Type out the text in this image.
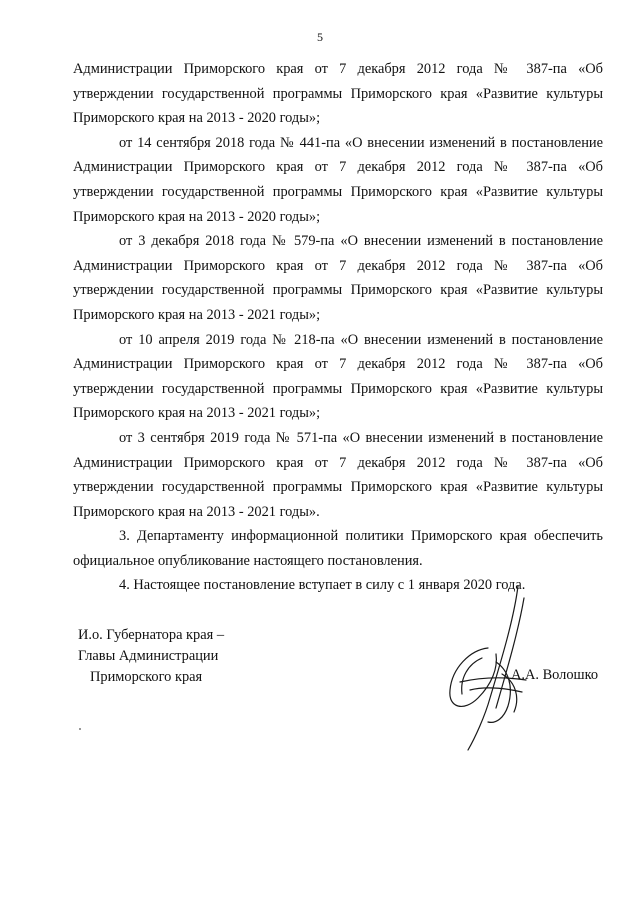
5

Администрации Приморского края от 7 декабря 2012 года № 387-па «Об утверждении государственной программы Приморского края «Развитие культуры Приморского края на 2013 - 2020 годы»;

от 14 сентября 2018 года № 441-па «О внесении изменений в постановление Администрации Приморского края от 7 декабря 2012 года № 387-па «Об утверждении государственной программы Приморского края «Развитие культуры Приморского края на 2013 - 2020 годы»;

от 3 декабря 2018 года № 579-па «О внесении изменений в постановление Администрации Приморского края от 7 декабря 2012 года № 387-па «Об утверждении государственной программы Приморского края «Развитие культуры Приморского края на 2013 - 2021 годы»;

от 10 апреля 2019 года № 218-па «О внесении изменений в постановление Администрации Приморского края от 7 декабря 2012 года № 387-па «Об утверждении государственной программы Приморского края «Развитие культуры Приморского края на 2013 - 2021 годы»;

от 3 сентября 2019 года № 571-па «О внесении изменений в постановление Администрации Приморского края от 7 декабря 2012 года № 387-па «Об утверждении государственной программы Приморского края «Развитие культуры Приморского края на 2013 - 2021 годы».

3. Департаменту информационной политики Приморского края обеспечить официальное опубликование настоящего постановления.

4. Настоящее постановление вступает в силу с 1 января 2020 года.

И.о. Губернатора края –
Главы Администрации
Приморского края	А.А. Волошко
